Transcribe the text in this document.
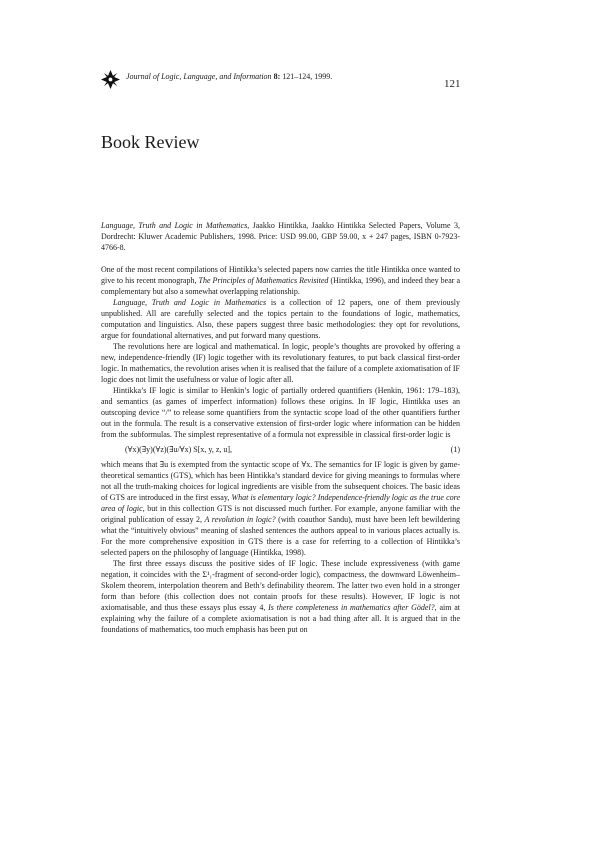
Journal of Logic, Language, and Information 8: 121–124, 1999.
121
Book Review
Language, Truth and Logic in Mathematics, Jaakko Hintikka, Jaakko Hintikka Selected Papers, Volume 3, Dordrecht: Kluwer Academic Publishers, 1998. Price: USD 99.00, GBP 59.00, x + 247 pages, ISBN 0-7923-4766-8.

One of the most recent compilations of Hintikka’s selected papers now carries the title Hintikka once wanted to give to his recent monograph, The Principles of Mathematics Revisited (Hintikka, 1996), and indeed they bear a complementary but also a somewhat overlapping relationship.

Language, Truth and Logic in Mathematics is a collection of 12 papers, one of them previously unpublished. All are carefully selected and the topics pertain to the foundations of logic, mathematics, computation and linguistics. Also, these papers suggest three basic methodologies: they opt for revolutions, argue for foundational alternatives, and put forward many questions.

The revolutions here are logical and mathematical. In logic, people’s thoughts are provoked by offering a new, independence-friendly (IF) logic together with its revolutionary features, to put back classical first-order logic. In mathematics, the revolution arises when it is realised that the failure of a complete axiomatisation of IF logic does not limit the usefulness or value of logic after all.

Hintikka’s IF logic is similar to Henkin’s logic of partially ordered quantifiers (Henkin, 1961: 179–183), and semantics (as games of imperfect information) follows these origins. In IF logic, Hintikka uses an outscoping device “/” to release some quantifiers from the syntactic scope load of the other quantifiers further out in the formula. The result is a conservative extension of first-order logic where information can be hidden from the subformulas. The simplest representative of a formula not expressible in classical first-order logic is

(∀x)(∃y)(∀z)(∃u/∀x) S[x, y, z, u],	(1)

which means that ∃u is exempted from the syntactic scope of ∀x. The semantics for IF logic is given by game-theoretical semantics (GTS), which has been Hintikka’s standard device for giving meanings to formulas where not all the truth-making choices for logical ingredients are visible from the subsequent choices. The basic ideas of GTS are introduced in the first essay, What is elementary logic? Independence-friendly logic as the true core area of logic, but in this collection GTS is not discussed much further. For example, anyone familiar with the original publication of essay 2, A revolution in logic? (with coauthor Sandu), must have been left bewildering what the “intuitively obvious” meaning of slashed sentences the authors appeal to in various places actually is. For the more comprehensive exposition in GTS there is a case for referring to a collection of Hintikka’s selected papers on the philosophy of language (Hintikka, 1998).

The first three essays discuss the positive sides of IF logic. These include expressiveness (with game negation, it coincides with the Σ¹₁-fragment of second-order logic), compactness, the downward Löwenheim–Skolem theorem, interpolation theorem and Beth’s definability theorem. The latter two even hold in a stronger form than before (this collection does not contain proofs for these results). However, IF logic is not axiomatisable, and thus these essays plus essay 4, Is there completeness in mathematics after Gödel?, aim at explaining why the failure of a complete axiomatisation is not a bad thing after all. It is argued that in the foundations of mathematics, too much emphasis has been put on
